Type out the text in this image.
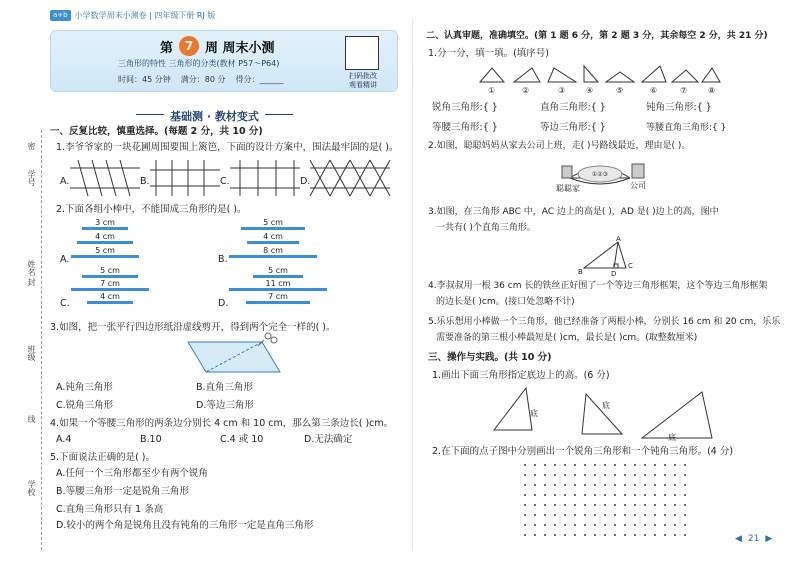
a+b 小学数学周末小测卷 | 四年级下册 RJ 版
第 7 周 周末小测
三角形的特性 三角形的分类(教材 P57～P64)
时间：45 分钟 满分：80 分 得分：______	扫码批改
观看精讲
基础测 · 教材变式
密
学号
姓名
封
班级
线
学校
一、反复比较，慎重选择。(每题 2 分，共 10 分)
1.李爷爷家的一块花圃周围要围上篱笆，下面的设计方案中，围法最牢固的是( )。
A.	B.	C.	D.
2.下面各组小棒中，不能围成三角形的是( )。
A.
3 cm
4 cm
5 cm
B.
5 cm
4 cm
8 cm
C.
5 cm
7 cm
4 cm
D.
5 cm
11 cm
7 cm
3.如图，把一张平行四边形纸沿虚线剪开，得到两个完全一样的( )。
A.钝角三角形	B.直角三角形
C.锐角三角形	D.等边三角形
4.如果一个等腰三角形的两条边分别长 4 cm 和 10 cm，那么第三条边长( )cm。
A.4	B.10	C.4 或 10	D.无法确定
5.下面说法正确的是( )。
A.任何一个三角形都至少有两个锐角
B.等腰三角形一定是锐角三角形
C.直角三角形只有 1 条高
D.较小的两个角是锐角且没有钝角的三角形一定是直角三角形
二、认真审题，准确填空。(第 1 题 6 分，第 2 题 3 分，其余每空 2 分，共 21 分)
1.分一分，填一填。(填序号)
①	②	③	④	⑤	⑥	⑦	⑧
锐角三角形:{ }	直角三角形:{ }	钝角三角形:{ }
等腰三角形:{ }	等边三角形:{ }	等腰直角三角形:{ }
2.如图，聪聪妈妈从家去公司上班，走( )号路线最近，理由是( )。
①②③
聪聪家	公司
3.如图，在三角形 ABC 中，AC 边上的高是( )，AD 是( )边上的高，图中
一共有( )个直角三角形。
A
B	D
C
4.李叔叔用一根 36 cm 长的铁丝正好围了一个等边三角形框架，这个等边三角形框架
的边长是( )cm。(接口处忽略不计)
5.乐乐想用小棒做一个三角形，他已经准备了两根小棒，分别长 16 cm 和 20 cm，乐乐
需要准备的第三根小棒最短是( )cm，最长是( )cm。(取整数厘米)
三、操作与实践。(共 10 分)
1.画出下面三角形指定底边上的高。(6 分)
底
底
底
2.在下面的点子图中分别画出一个锐角三角形和一个钝角三角形。(4 分)
◀ 21 ▶
